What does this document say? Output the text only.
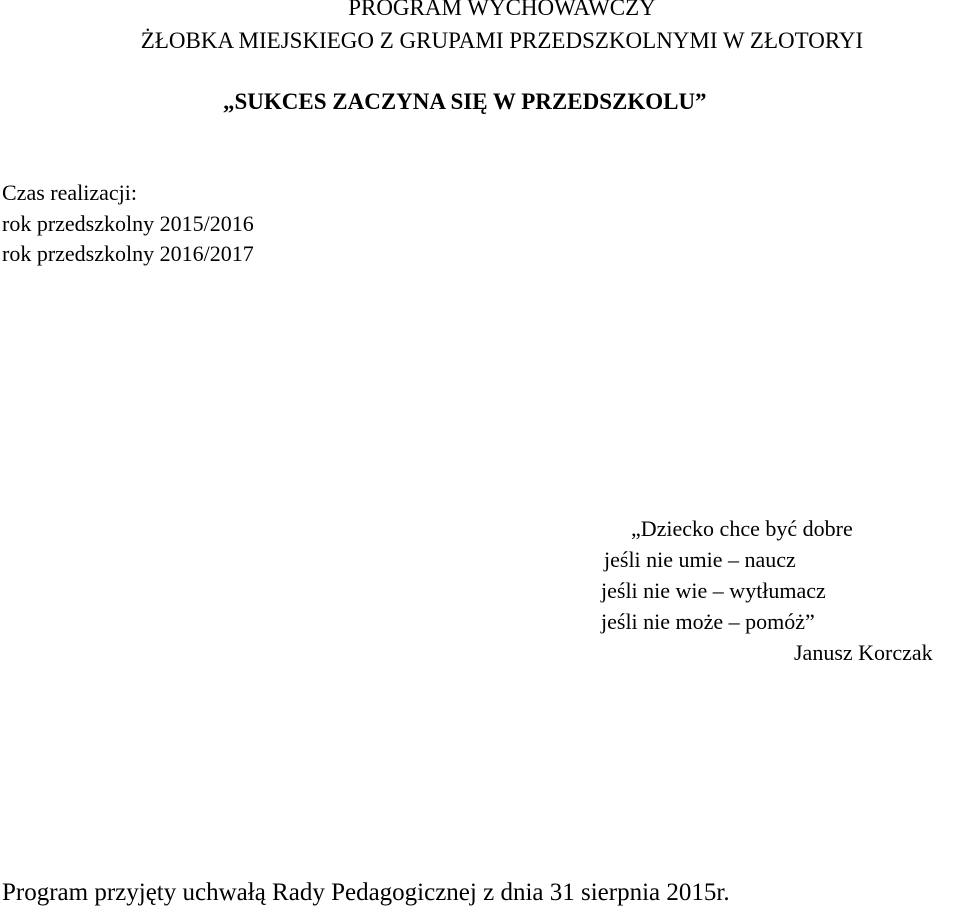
PROGRAM WYCHOWAWCZY
ŻŁOBKA MIEJSKIEGO Z GRUPAMI PRZEDSZKOLNYMI W ZŁOTORYI
„SUKCES ZACZYNA SIĘ W PRZEDSZKOLU”
Czas realizacji:
rok przedszkolny 2015/2016
rok przedszkolny 2016/2017
„Dziecko chce być dobre
jeśli nie umie – naucz
jeśli nie wie – wytłumacz
jeśli nie może – pomóż”
Janusz Korczak
Program przyjęty uchwałą Rady Pedagogicznej z dnia 31 sierpnia 2015r.
